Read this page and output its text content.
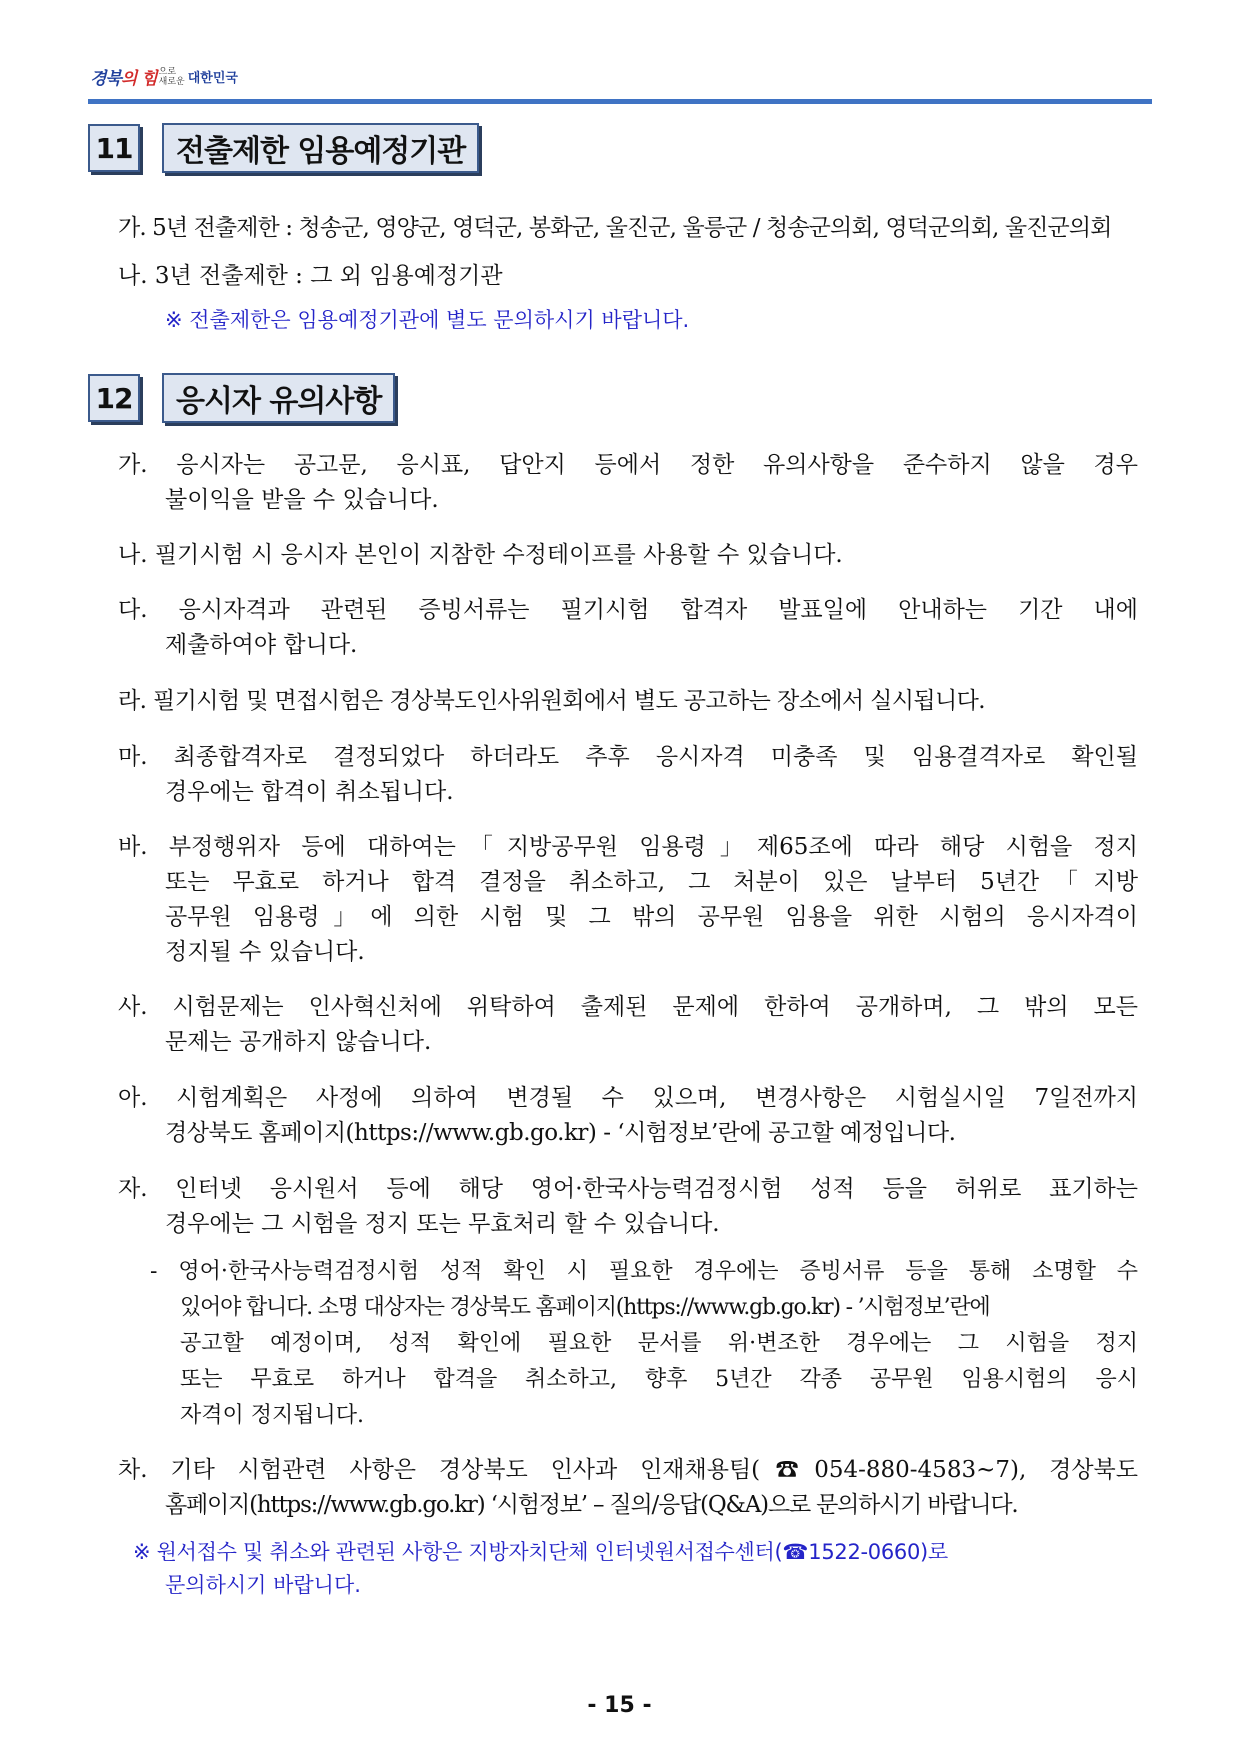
경북의 힘 으로
새로운 대한민국
11	전출제한 임용예정기관
가. 5년 전출제한 : 청송군, 영양군, 영덕군, 봉화군, 울진군, 울릉군 / 청송군의회, 영덕군의회, 울진군의회
나. 3년 전출제한 : 그 외 임용예정기관
※ 전출제한은 임용예정기관에 별도 문의하시기 바랍니다.
12	응시자 유의사항
가. 응시자는 공고문, 응시표, 답안지 등에서 정한 유의사항을 준수하지 않을 경우
불이익을 받을 수 있습니다.
나. 필기시험 시 응시자 본인이 지참한 수정테이프를 사용할 수 있습니다.
다. 응시자격과 관련된 증빙서류는 필기시험 합격자 발표일에 안내하는 기간 내에
제출하여야 합니다.
라. 필기시험 및 면접시험은 경상북도인사위원회에서 별도 공고하는 장소에서 실시됩니다.
마. 최종합격자로 결정되었다 하더라도 추후 응시자격 미충족 및 임용결격자로 확인될
경우에는 합격이 취소됩니다.
바. 부정행위자 등에 대하여는「지방공무원 임용령」제65조에 따라 해당 시험을 정지
또는 무효로 하거나 합격 결정을 취소하고, 그 처분이 있은 날부터 5년간「지방
공무원 임용령」에 의한 시험 및 그 밖의 공무원 임용을 위한 시험의 응시자격이
정지될 수 있습니다.
사. 시험문제는 인사혁신처에 위탁하여 출제된 문제에 한하여 공개하며, 그 밖의 모든
문제는 공개하지 않습니다.
아. 시험계획은 사정에 의하여 변경될 수 있으며, 변경사항은 시험실시일 7일전까지
경상북도 홈페이지(https://www.gb.go.kr) - ‘시험정보’란에 공고할 예정입니다.
자. 인터넷 응시원서 등에 해당 영어·한국사능력검정시험 성적 등을 허위로 표기하는
경우에는 그 시험을 정지 또는 무효처리 할 수 있습니다.
- 영어·한국사능력검정시험 성적 확인 시 필요한 경우에는 증빙서류 등을 통해 소명할 수
있어야 합니다. 소명 대상자는 경상북도 홈페이지(https://www.gb.go.kr) - ’시험정보’란에
공고할 예정이며, 성적 확인에 필요한 문서를 위·변조한 경우에는 그 시험을 정지
또는 무효로 하거나 합격을 취소하고, 향후 5년간 각종 공무원 임용시험의 응시
자격이 정지됩니다.
차. 기타 시험관련 사항은 경상북도 인사과 인재채용팀(☎054-880-4583~7), 경상북도
홈페이지(https://www.gb.go.kr) ‘시험정보’ – 질의/응답(Q&A)으로 문의하시기 바랍니다.
※ 원서접수 및 취소와 관련된 사항은 지방자치단체 인터넷원서접수센터(☎1522-0660)로
문의하시기 바랍니다.
- 15 -
